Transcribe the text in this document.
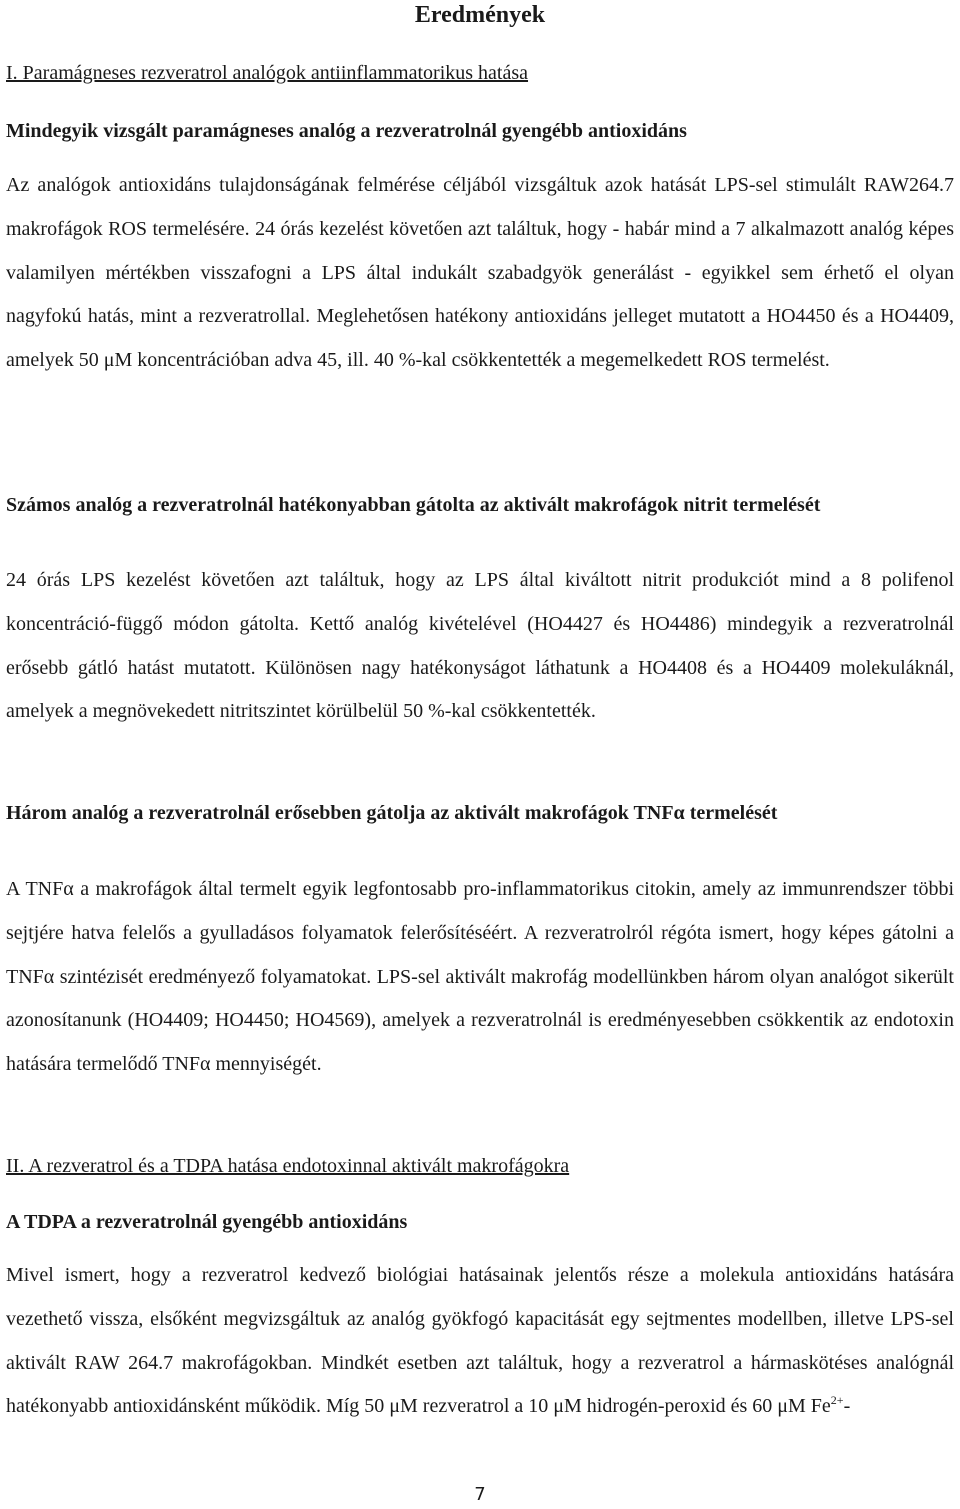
Eredmények
I. Paramágneses rezveratrol analógok antiinflammatorikus hatása
Mindegyik vizsgált paramágneses analóg a rezveratrolnál gyengébb antioxidáns

Az analógok antioxidáns tulajdonságának felmérése céljából vizsgáltuk azok hatását LPS-sel stimulált RAW264.7 makrofágok ROS termelésére. 24 órás kezelést követően azt találtuk, hogy - habár mind a 7 alkalmazott analóg képes valamilyen mértékben visszafogni a LPS által indukált szabadgyök generálást - egyikkel sem érhető el olyan nagyfokú hatás, mint a rezveratrollal. Meglehetősen hatékony antioxidáns jelleget mutatott a HO4450 és a HO4409, amelyek 50 μM koncentrációban adva 45, ill. 40 %-kal csökkentették a megemelkedett ROS termelést.

Számos analóg a rezveratrolnál hatékonyabban gátolta az aktivált makrofágok nitrit termelését

24 órás LPS kezelést követően azt találtuk, hogy az LPS által kiváltott nitrit produkciót mind a 8 polifenol koncentráció-függő módon gátolta. Kettő analóg kivételével (HO4427 és HO4486) mindegyik a rezveratrolnál erősebb gátló hatást mutatott. Különösen nagy hatékonyságot láthatunk a HO4408 és a HO4409 molekuláknál, amelyek a megnövekedett nitritszintet körülbelül 50 %-kal csökkentették.

Három analóg a rezveratrolnál erősebben gátolja az aktivált makrofágok TNFα termelését

A TNFα a makrofágok által termelt egyik legfontosabb pro-inflammatorikus citokin, amely az immunrendszer többi sejtjére hatva felelős a gyulladásos folyamatok felerősítéséért. A rezveratrolról régóta ismert, hogy képes gátolni a TNFα szintézisét eredményező folyamatokat. LPS-sel aktivált makrofág modellünkben három olyan analógot sikerült azonosítanunk (HO4409; HO4450; HO4569), amelyek a rezveratrolnál is eredményesebben csökkentik az endotoxin hatására termelődő TNFα mennyiségét.

II. A rezveratrol és a TDPA hatása endotoxinnal aktivált makrofágokra
A TDPA a rezveratrolnál gyengébb antioxidáns

Mivel ismert, hogy a rezveratrol kedvező biológiai hatásainak jelentős része a molekula antioxidáns hatására vezethető vissza, elsőként megvizsgáltuk az analóg gyökfogó kapacitását egy sejtmentes modellben, illetve LPS-sel aktivált RAW 264.7 makrofágokban. Mindkét esetben azt találtuk, hogy a rezveratrol a hármaskötéses analógnál hatékonyabb antioxidánsként működik. Míg 50 μM rezveratrol a 10 μM hidrogén-peroxid és 60 μM $Fe^{2+}-$

7
